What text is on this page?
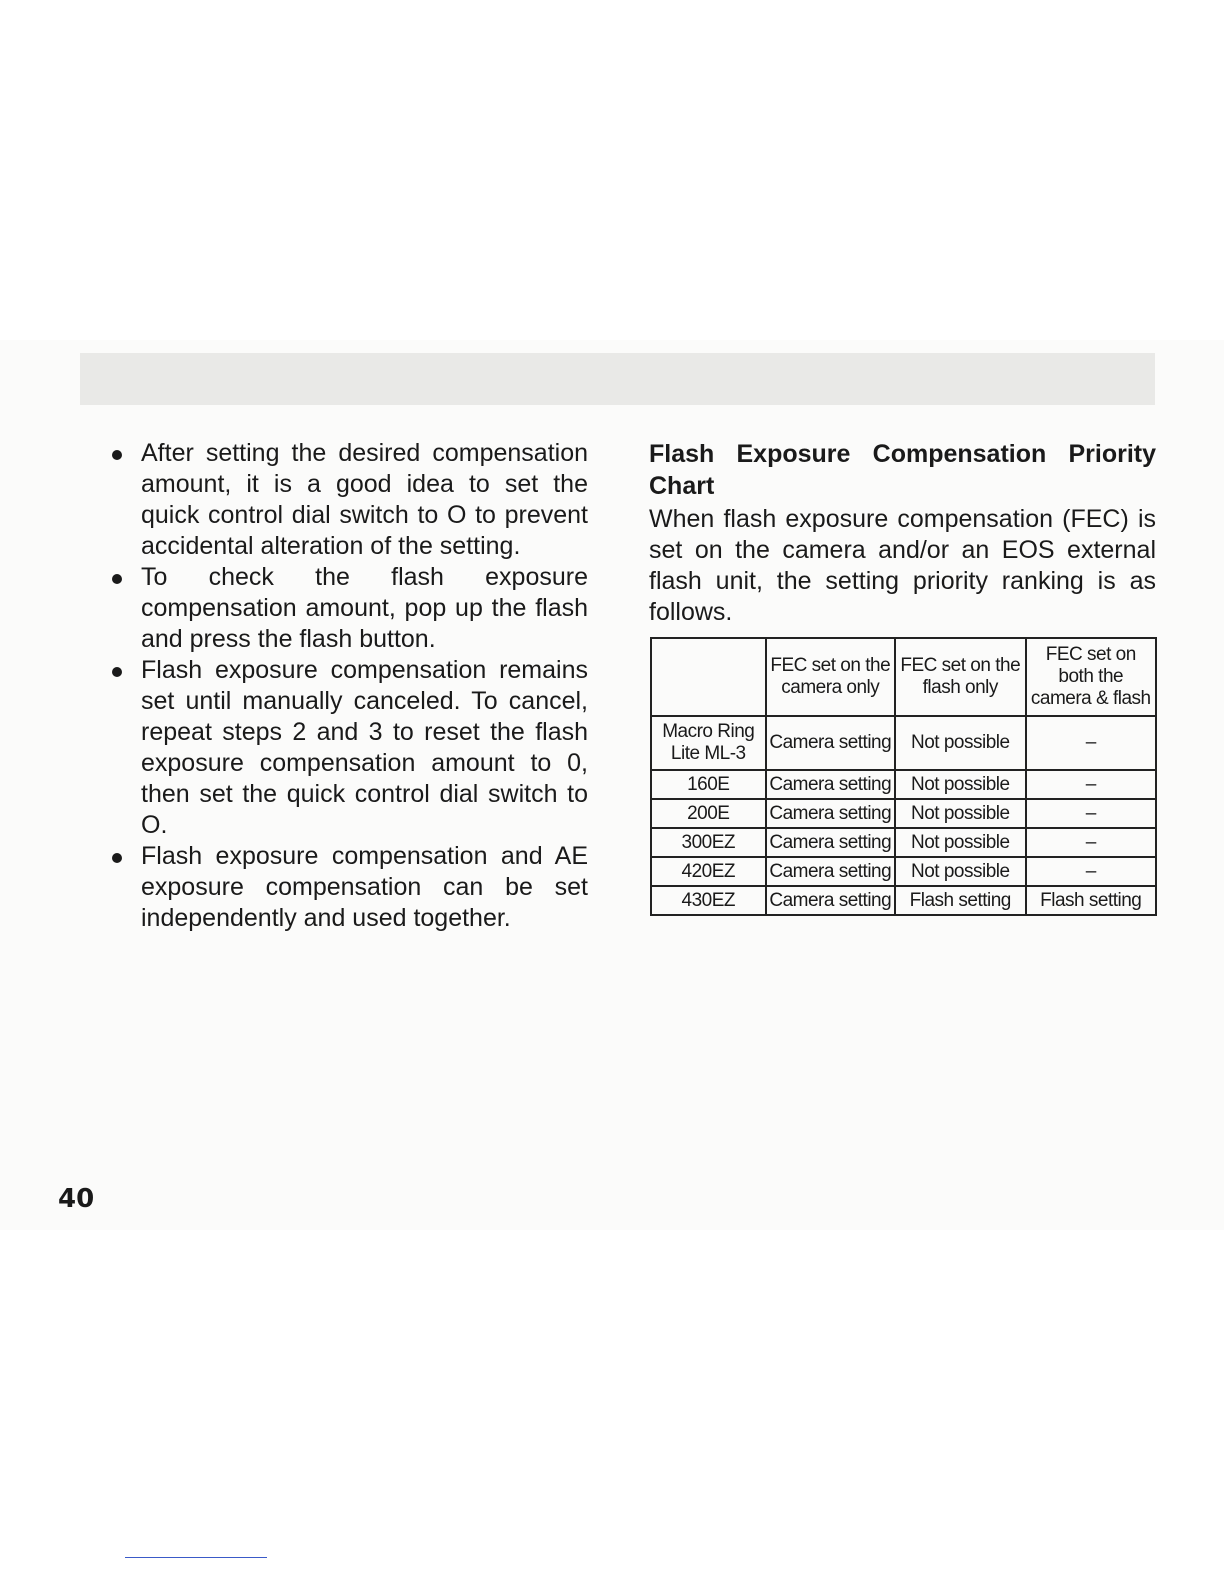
After setting the desired compensation amount, it is a good idea to set the quick control dial switch to O to prevent accidental alteration of the setting.
To check the flash exposure compensation amount, pop up the flash and press the flash button.
Flash exposure compensation remains set until manually canceled. To cancel, repeat steps 2 and 3 to reset the flash exposure compensation amount to 0, then set the quick control dial switch to O.
Flash exposure compensation and AE exposure compensation can be set independently and used together.
Flash Exposure Compensation Priority Chart

When flash exposure compensation (FEC) is set on the camera and/or an EOS external flash unit, the setting priority ranking is as follows.

	FEC set on the camera only	FEC set on the flash only	FEC set on both the camera & flash
Macro Ring Lite ML-3	Camera setting	Not possible	–
160E	Camera setting	Not possible	–
200E	Camera setting	Not possible	–
300EZ	Camera setting	Not possible	–
420EZ	Camera setting	Not possible	–
430EZ	Camera setting	Flash setting	Flash setting
40
